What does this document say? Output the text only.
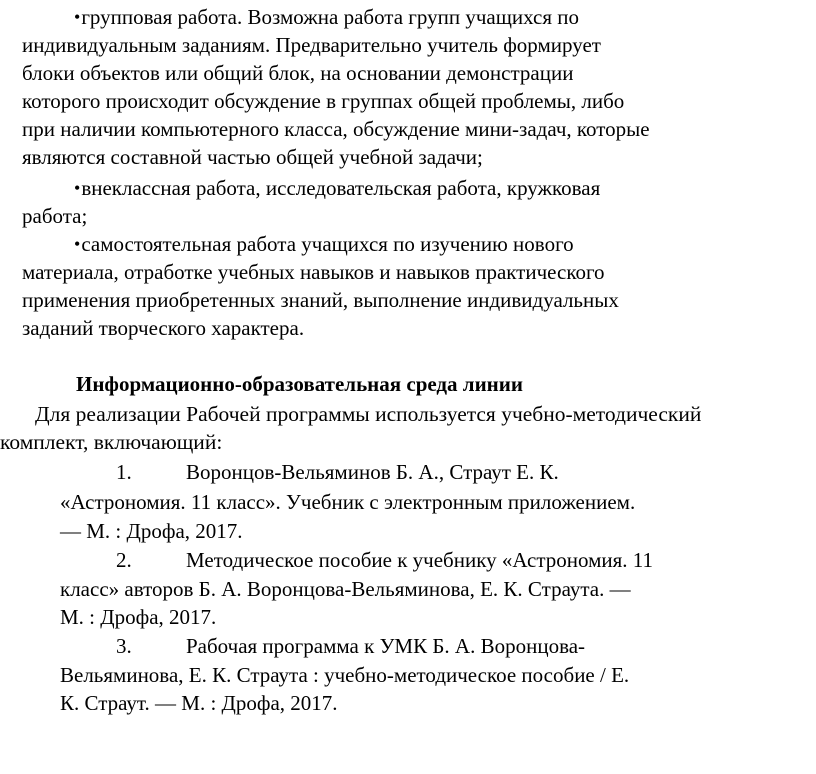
•групповая работа. Возможна работа групп учащихся по
индивидуальным заданиям. Предварительно учитель формирует
блоки объектов или общий блок, на основании демонстрации
которого происходит обсуждение в группах общей проблемы, либо
при наличии компьютерного класса, обсуждение мини-задач, которые
являются составной частью общей учебной задачи;
•внеклассная работа, исследовательская работа, кружковая
работа;
•самостоятельная работа учащихся по изучению нового
материала, отработке учебных навыков и навыков практического
применения приобретенных знаний, выполнение индивидуальных
заданий творческого характера.
Информационно-образовательная среда линии
Для реализации Рабочей программы используется учебно-методический
комплект, включающий:
1.	Воронцов-Вельяминов Б. А., Страут Е. К.
«Астрономия. 11 класс». Учебник с электронным приложением.
— М. : Дрофа, 2017.
2.	Методическое пособие к учебнику «Астрономия. 11
класс» авторов Б. А. Воронцова-Вельяминова, Е. К. Страута. —
М. : Дрофа, 2017.
3.	Рабочая программа к УМК Б. А. Воронцова-
Вельяминова, Е. К. Страута : учебно-методическое пособие / Е.
К. Страут. — М. : Дрофа, 2017.
